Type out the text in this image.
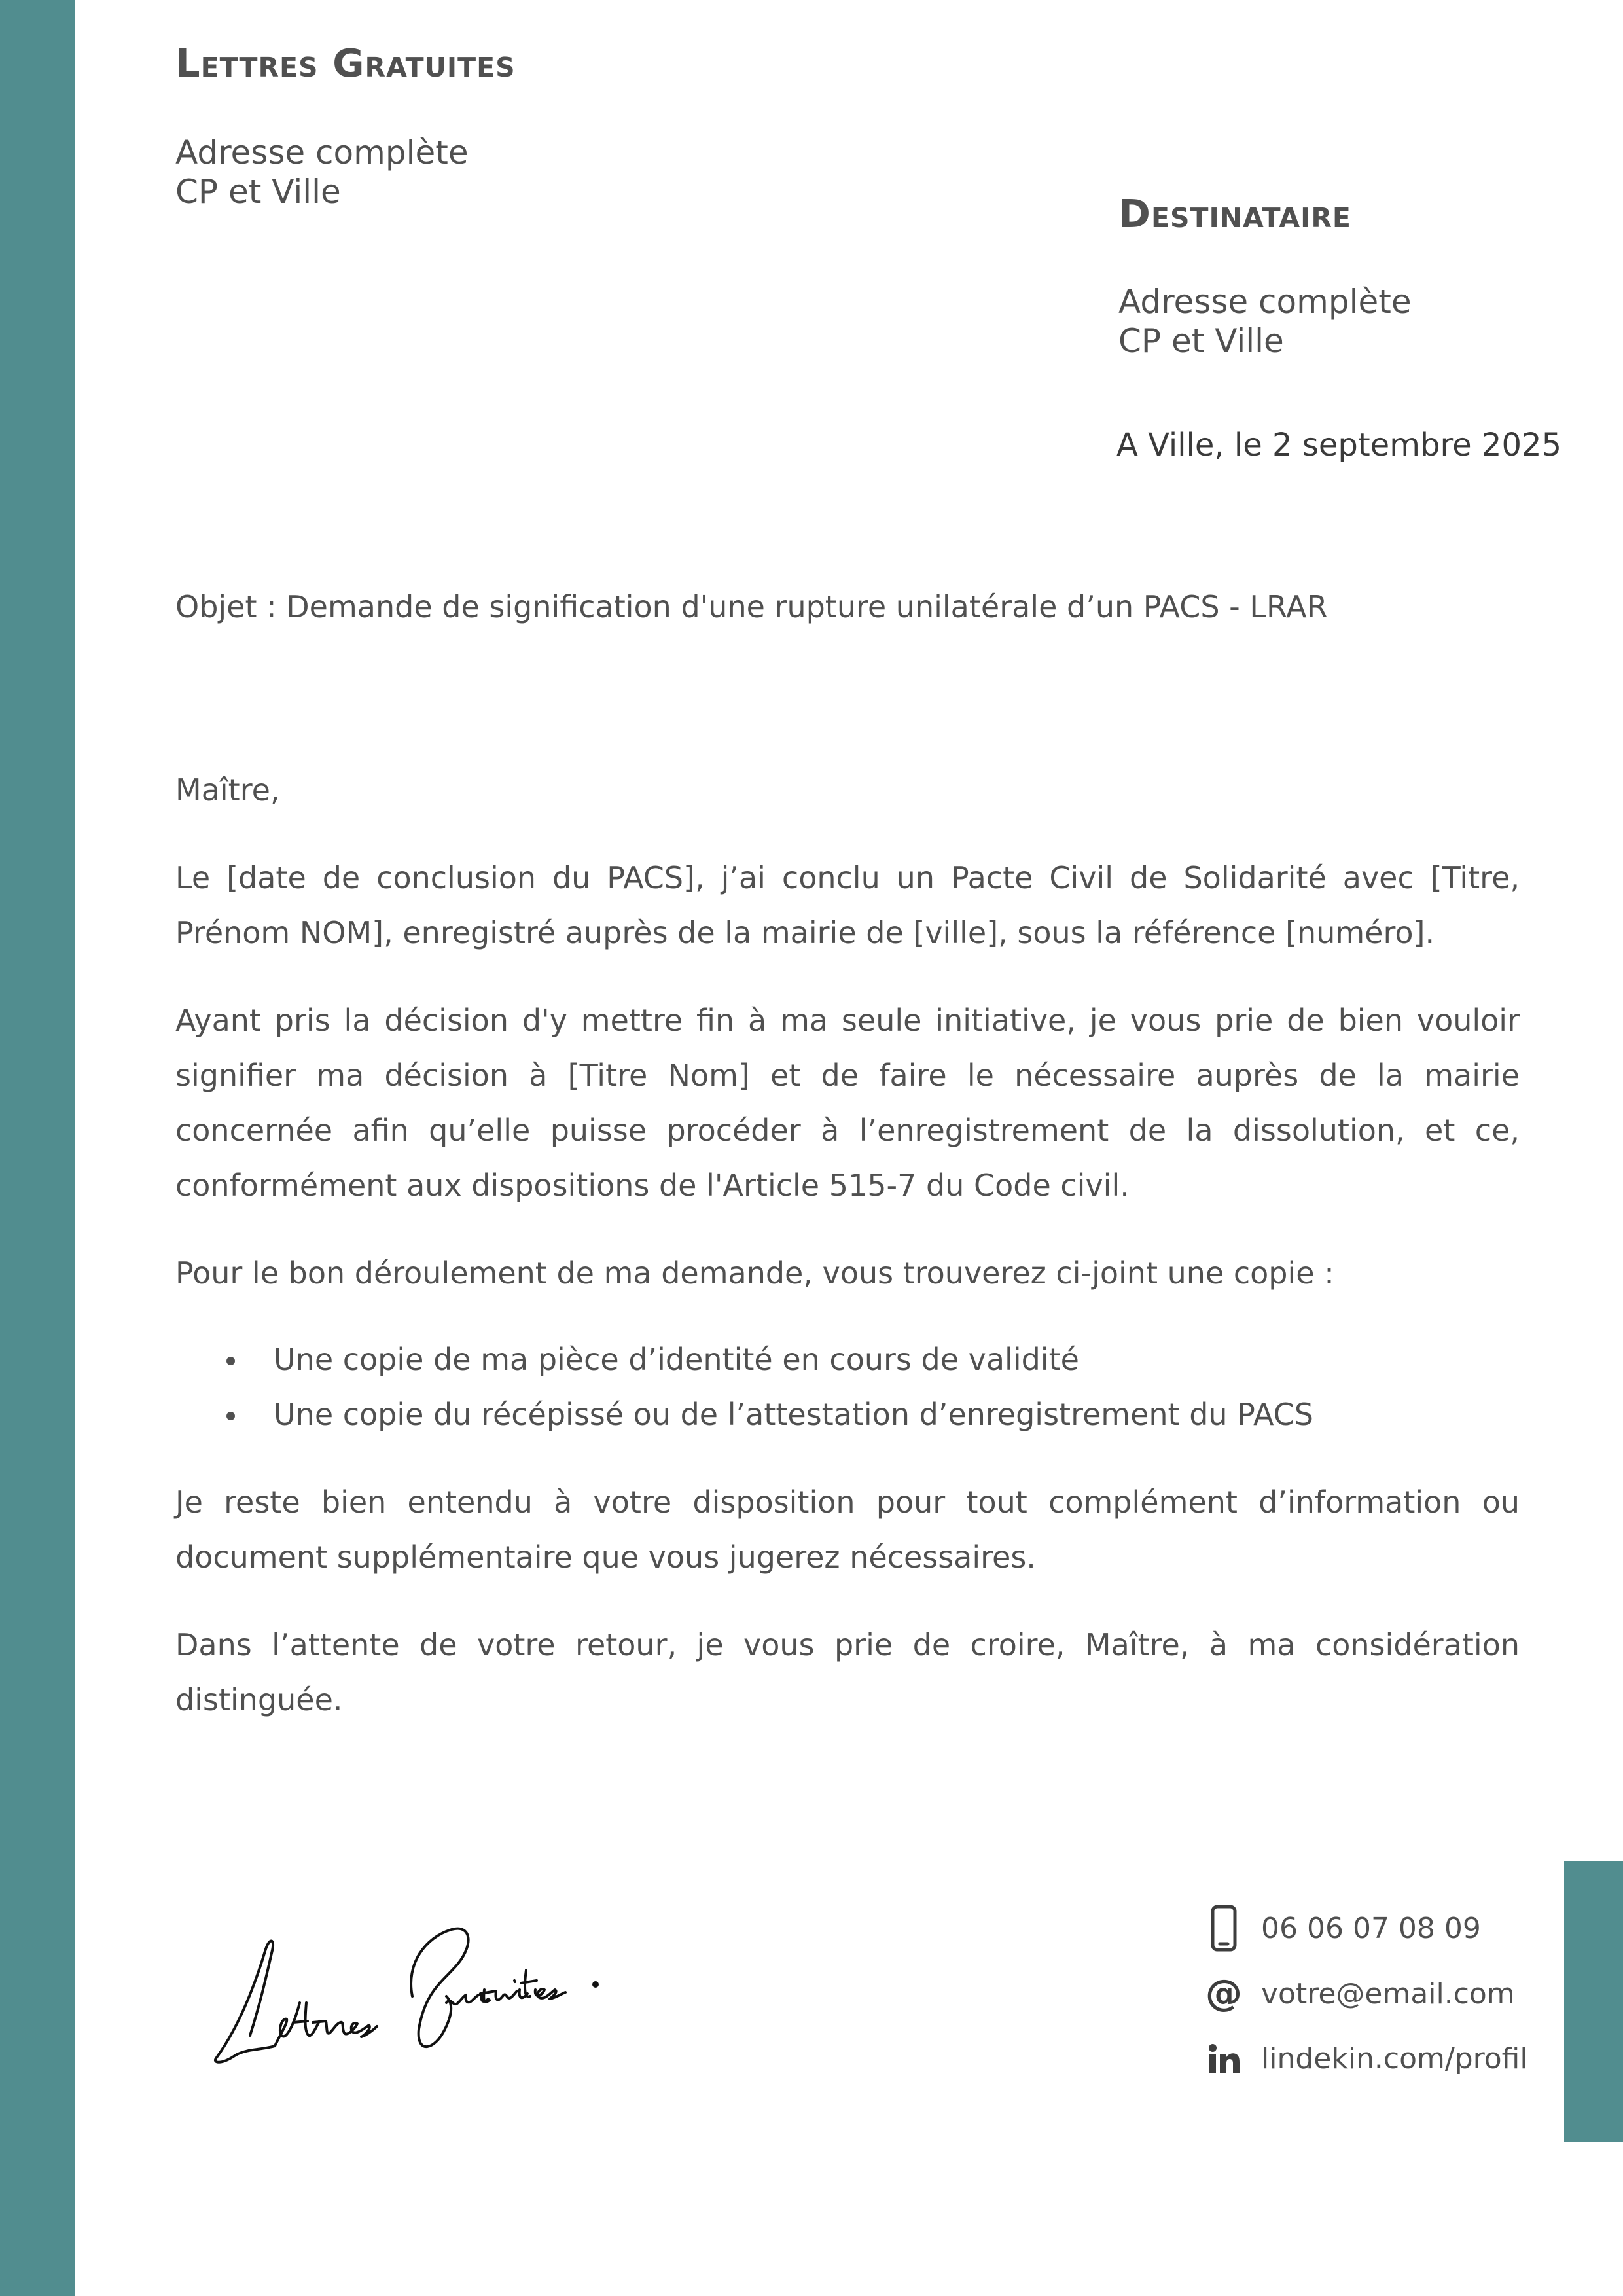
Lettres Gratuites
Adresse complète
CP et Ville	Destinataire
Adresse complète
CP et Ville
A Ville, le 2 septembre 2025
Objet : Demande de signification d'une rupture unilatérale d’un PACS - LRAR

Maître,

Le [date de conclusion du PACS], j’ai conclu un Pacte Civil de Solidarité avec [Titre, Prénom NOM], enregistré auprès de la mairie de [ville], sous la référence [numéro].

Ayant pris la décision d'y mettre fin à ma seule initiative, je vous prie de bien vouloir signifier ma décision à [Titre Nom] et de faire le nécessaire auprès de la mairie concernée afin qu’elle puisse procéder à l’enregistrement de la dissolution, et ce, conformément aux dispositions de l'Article 515-7 du Code civil.

Pour le bon déroulement de ma demande, vous trouverez ci-joint une copie :

Une copie de ma pièce d’identité en cours de validité
Une copie du récépissé ou de l’attestation d’enregistrement du PACS

Je reste bien entendu à votre disposition pour tout complément d’information ou document supplémentaire que vous jugerez nécessaires.

Dans l’attente de votre retour, je vous prie de croire, Maître, à ma considération distinguée.

06 06 07 08 09
@ votre@email.com
lindekin.com/profil
